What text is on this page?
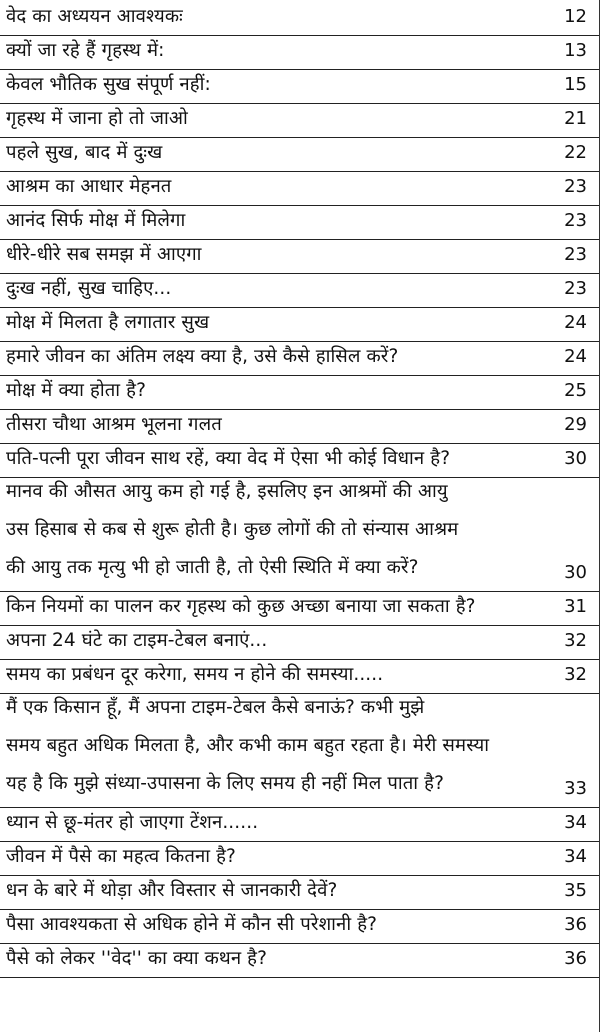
वेद का अध्ययन आवश्यकः	12
क्यों जा रहे हैं गृहस्थ में:	13
केवल भौतिक सुख संपूर्ण नहीं:	15
गृहस्थ में जाना हो तो जाओ	21
पहले सुख, बाद में दुःख	22
आश्रम का आधार मेहनत	23
आनंद सिर्फ मोक्ष में मिलेगा	23
धीरे-धीरे सब समझ में आएगा	23
दुःख नहीं, सुख चाहिए...	23
मोक्ष में मिलता है लगातार सुख	24
हमारे जीवन का अंतिम लक्ष्य क्या है, उसे कैसे हासिल करें?	24
मोक्ष में क्या होता है?	25
तीसरा चौथा आश्रम भूलना गलत	29
पति-पत्नी पूरा जीवन साथ रहें, क्या वेद में ऐसा भी कोई विधान है?	30
मानव की औसत आयु कम हो गई है, इसलिए इन आश्रमों की आयु
उस हिसाब से कब से शुरू होती है। कुछ लोगों की तो संन्यास आश्रम
की आयु तक मृत्यु भी हो जाती है, तो ऐसी स्थिति में क्या करें?	30
किन नियमों का पालन कर गृहस्थ को कुछ अच्छा बनाया जा सकता है?	31
अपना 24 घंटे का टाइम-टेबल बनाएं...	32
समय का प्रबंधन दूर करेगा, समय न होने की समस्या.....	32
मैं एक किसान हूँ, मैं अपना टाइम-टेबल कैसे बनाऊं? कभी मुझे
समय बहुत अधिक मिलता है, और कभी काम बहुत रहता है। मेरी समस्या
यह है कि मुझे संध्या-उपासना के लिए समय ही नहीं मिल पाता है?	33
ध्यान से छू-मंतर हो जाएगा टेंशन......	34
जीवन में पैसे का महत्व कितना है?	34
धन के बारे में थोड़ा और विस्तार से जानकारी देवें?	35
पैसा आवश्यकता से अधिक होने में कौन सी परेशानी है?	36
पैसे को लेकर ''वेद'' का क्या कथन है?	36
